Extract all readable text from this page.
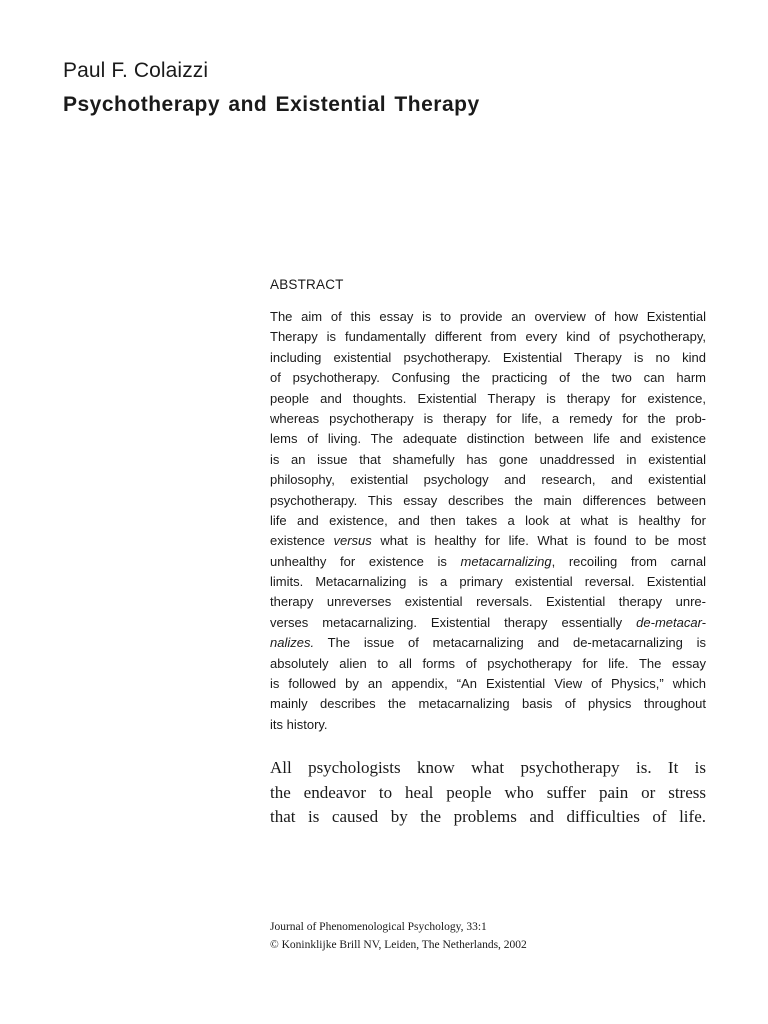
Paul F. Colaizzi
Psychotherapy and Existential Therapy
ABSTRACT
The aim of this essay is to provide an overview of how Existential
Therapy is fundamentally different from every kind of psychotherapy,
including existential psychotherapy. Existential Therapy is no kind
of psychotherapy. Confusing the practicing of the two can harm
people and thoughts. Existential Therapy is therapy for existence,
whereas psychotherapy is therapy for life, a remedy for the prob-
lems of living. The adequate distinction between life and existence
is an issue that shamefully has gone unaddressed in existential
philosophy, existential psychology and research, and existential
psychotherapy. This essay describes the main differences between
life and existence, and then takes a look at what is healthy for
existence versus what is healthy for life. What is found to be most
unhealthy for existence is metacarnalizing, recoiling from carnal
limits. Metacarnalizing is a primary existential reversal. Existential
therapy unreverses existential reversals. Existential therapy unre-
verses metacarnalizing. Existential therapy essentially de-metacar-
nalizes. The issue of metacarnalizing and de-metacarnalizing is
absolutely alien to all forms of psychotherapy for life. The essay
is followed by an appendix, “An Existential View of Physics,” which
mainly describes the metacarnalizing basis of physics throughout
its history.
All psychologists know what psychotherapy is. It is
the endeavor to heal people who suffer pain or stress
that is caused by the problems and difficulties of life.
Journal of Phenomenological Psychology, 33:1
© Koninklijke Brill NV, Leiden, The Netherlands, 2002
